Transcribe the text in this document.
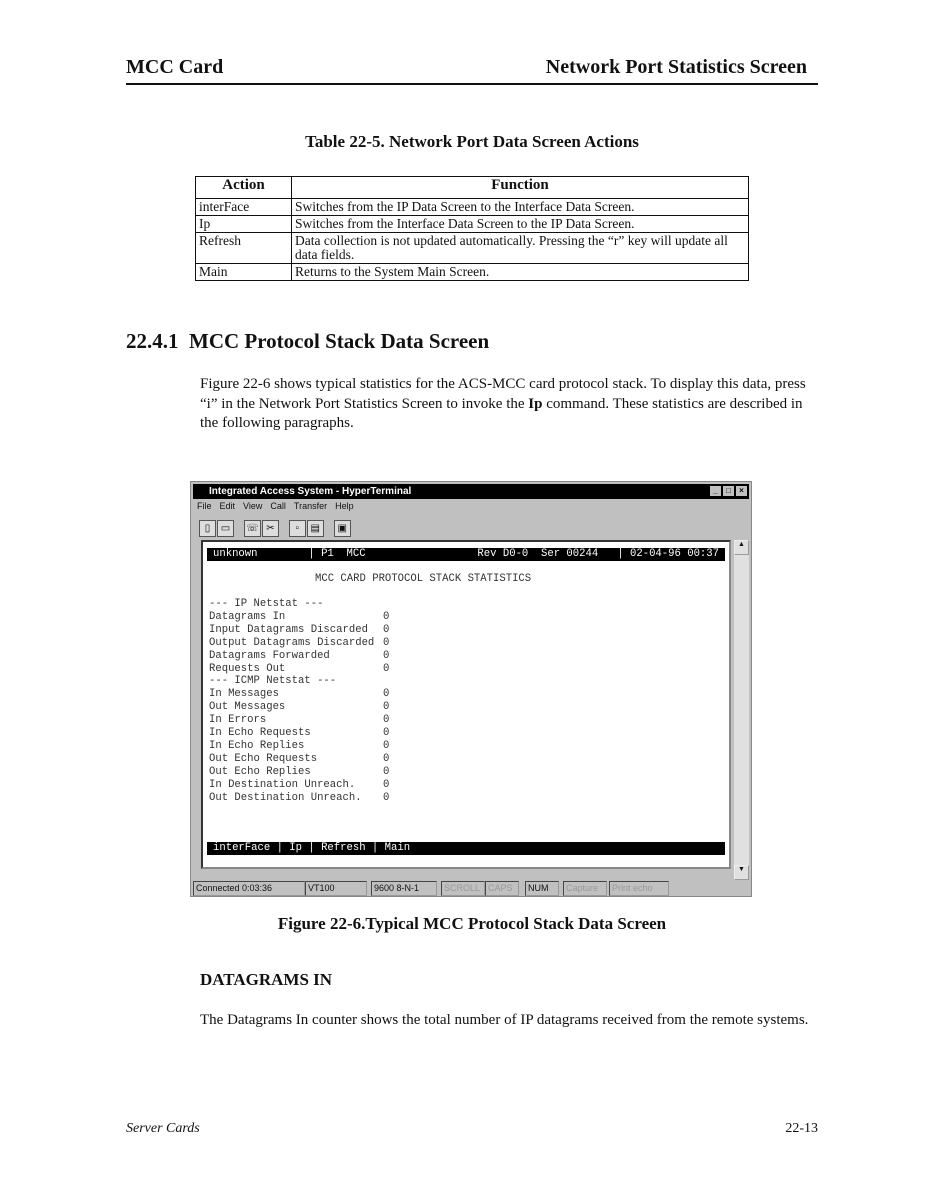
MCC Card	Network Port Statistics Screen
Table 22-5. Network Port Data Screen Actions
Action	Function
interFace	Switches from the IP Data Screen to the Interface Data Screen.
Ip	Switches from the Interface Data Screen to the IP Data Screen.
Refresh	Data collection is not updated automatically. Pressing the “r” key will update all data fields.
Main	Returns to the System Main Screen.
22.4.1 MCC Protocol Stack Data Screen
Figure 22-6 shows typical statistics for the ACS-MCC card protocol stack. To display this data, press “i” in the Network Port Statistics Screen to invoke the Ip command. These statistics are described in the following paragraphs.
Integrated Access System - HyperTerminal	_	□	×
File Edit View Call Transfer Help
▯ ▭ ☏ ✂ ▫ ▤ ▣
unknown        | P1  MCC	Rev D0-0  Ser 00244   | 02-04-96 00:37
MCC CARD PROTOCOL STACK STATISTICS
--- IP Netstat ---
Datagrams In	0
Input Datagrams Discarded 0
Output Datagrams Discarded 0
Datagrams Forwarded	0
Requests Out	0
--- ICMP Netstat ---
In Messages	0
Out Messages	0
In Errors	0
In Echo Requests	0
In Echo Replies	0
Out Echo Requests	0
Out Echo Replies	0
In Destination Unreach.	0
Out Destination Unreach. 0
interFace | Ip | Refresh | Main
▲
▼
Connected 0:03:36	VT100	9600 8-N-1	SCROLL CAPS	NUM	Capture	Print echo
Figure 22-6.Typical MCC Protocol Stack Data Screen
DATAGRAMS IN
The Datagrams In counter shows the total number of IP datagrams received from the remote systems.
Server Cards	22-13
